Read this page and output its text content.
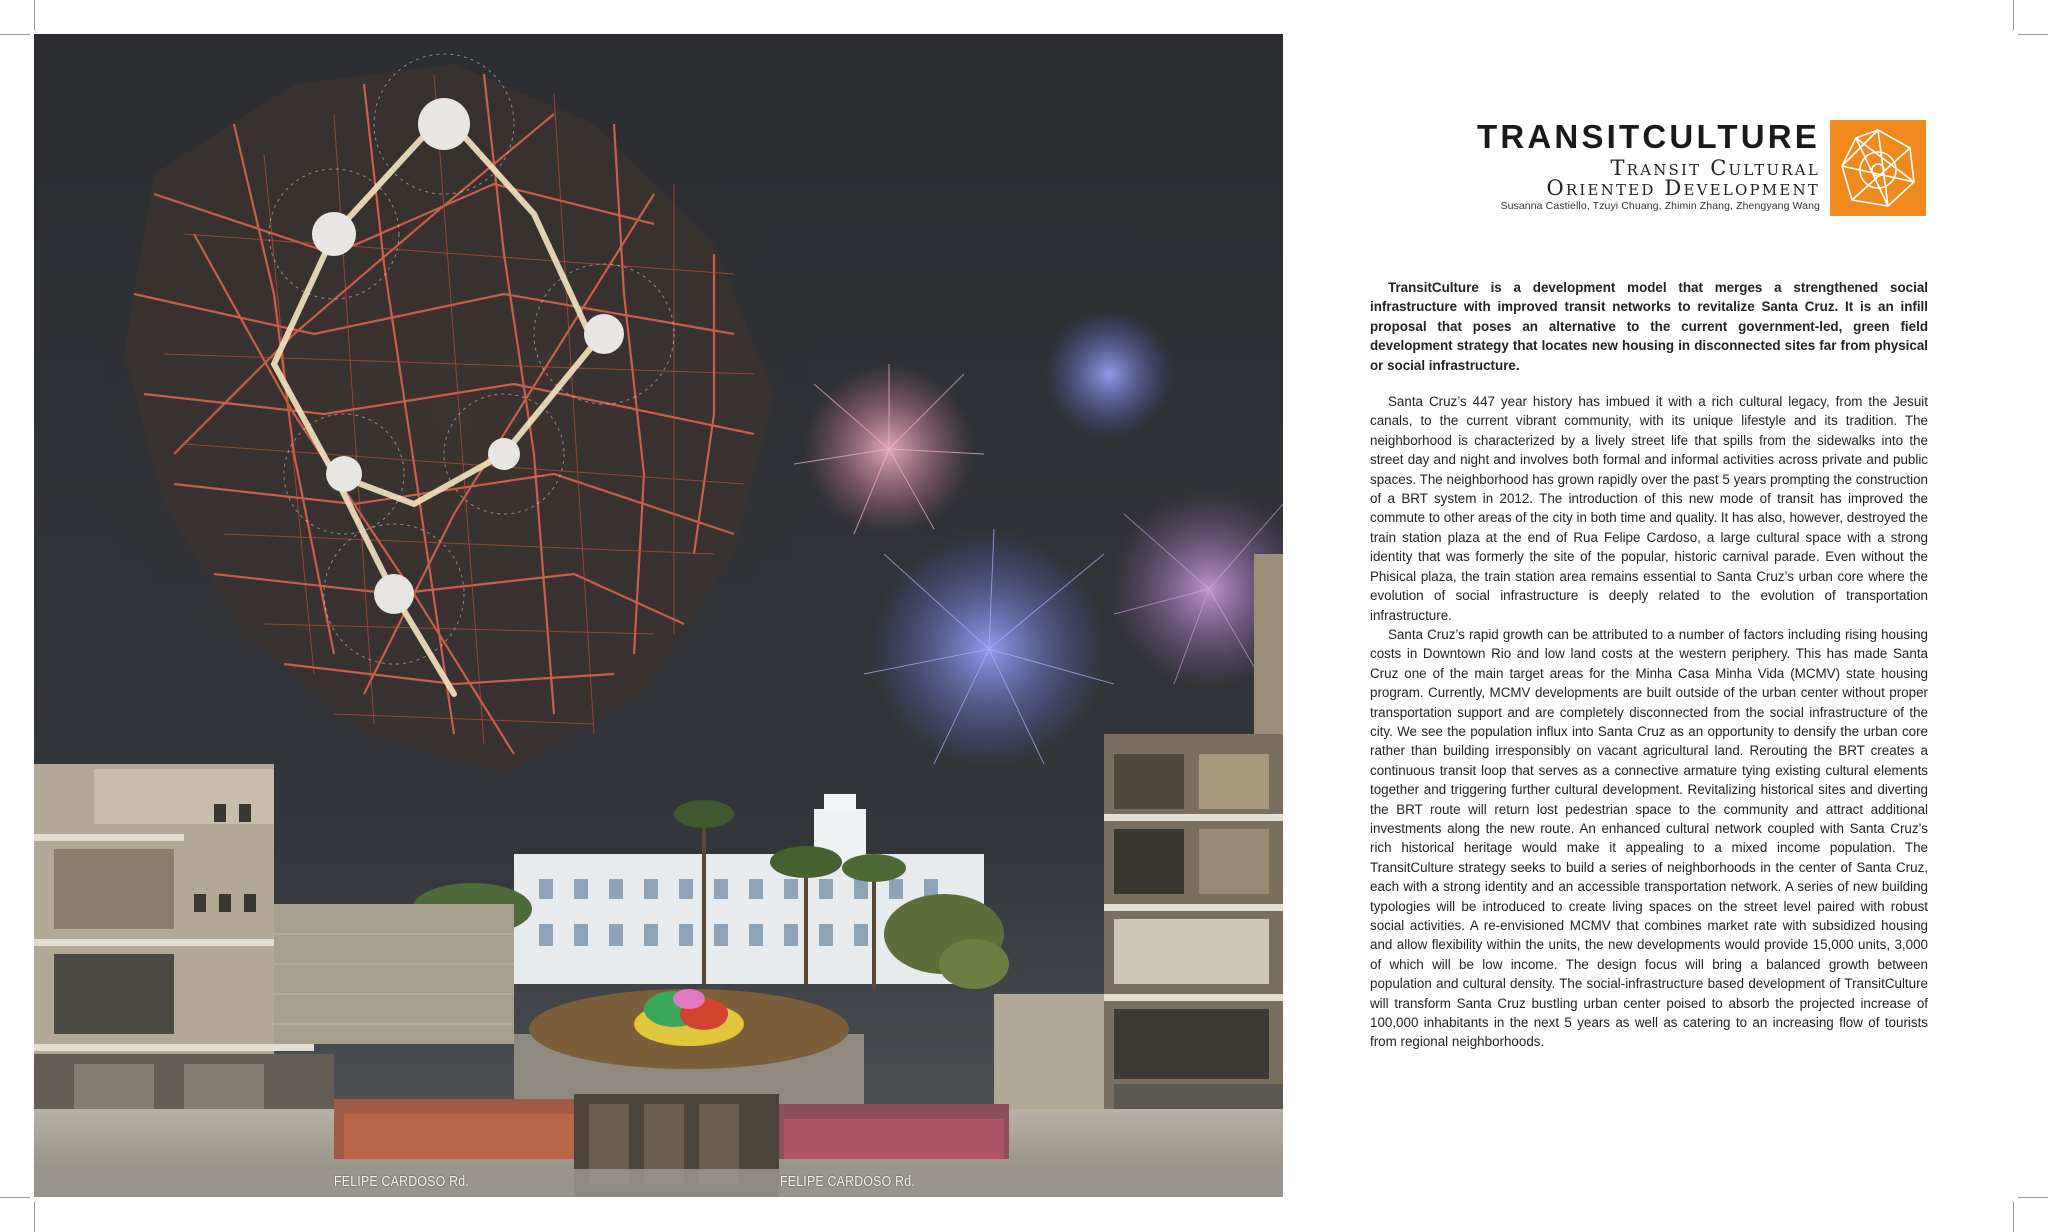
FELIPE CARDOSO Rd.	FELIPE CARDOSO Rd.
TRANSITCULTURE
Transit Cultural
Oriented Development
Susanna Castiello, Tzuyi Chuang, Zhimin Zhang, Zhengyang Wang

TransitCulture is a development model that merges a strengthened social infrastructure with improved transit networks to revitalize Santa Cruz. It is an infill proposal that poses an alternative to the current government-led, green field development strategy that locates new housing in disconnected sites far from physical or social infrastructure.

Santa Cruz’s 447 year history has imbued it with a rich cultural legacy, from the Jesuit canals, to the current vibrant community, with its unique lifestyle and its tradition. The neighborhood is characterized by a lively street life that spills from the sidewalks into the street day and night and involves both formal and informal activities across private and public spaces. The neighborhood has grown rapidly over the past 5 years prompting the construction of a BRT system in 2012. The introduction of this new mode of transit has improved the commute to other areas of the city in both time and quality. It has also, however, destroyed the train station plaza at the end of Rua Felipe Cardoso, a large cultural space with a strong identity that was formerly the site of the popular, historic carnival parade. Even without the Phisical plaza, the train station area remains essential to Santa Cruz’s urban core where the evolution of social infrastructure is deeply related to the evolution of transportation infrastructure.

Santa Cruz’s rapid growth can be attributed to a number of factors including rising housing costs in Downtown Rio and low land costs at the western periphery. This has made Santa Cruz one of the main target areas for the Minha Casa Minha Vida (MCMV) state housing program. Currently, MCMV developments are built outside of the urban center without proper transportation support and are completely disconnected from the social infrastructure of the city. We see the population influx into Santa Cruz as an opportunity to densify the urban core rather than building irresponsibly on vacant agricultural land. Rerouting the BRT creates a continuous transit loop that serves as a connective armature tying existing cultural elements together and triggering further cultural development. Revitalizing historical sites and diverting the BRT route will return lost pedestrian space to the community and attract additional investments along the new route. An enhanced cultural network coupled with Santa Cruz’s rich historical heritage would make it appealing to a mixed income population. The TransitCulture strategy seeks to build a series of neighborhoods in the center of Santa Cruz, each with a strong identity and an accessible transportation network. A series of new building typologies will be introduced to create living spaces on the street level paired with robust social activities. A re-envisioned MCMV that combines market rate with subsidized housing and allow flexibility within the units, the new developments would provide 15,000 units, 3,000 of which will be low income. The design focus will bring a balanced growth between population and cultural density. The social-infrastructure based development of TransitCulture will transform Santa Cruz bustling urban center poised to absorb the projected increase of 100,000 inhabitants in the next 5 years as well as catering to an increasing flow of tourists from regional neighborhoods.
